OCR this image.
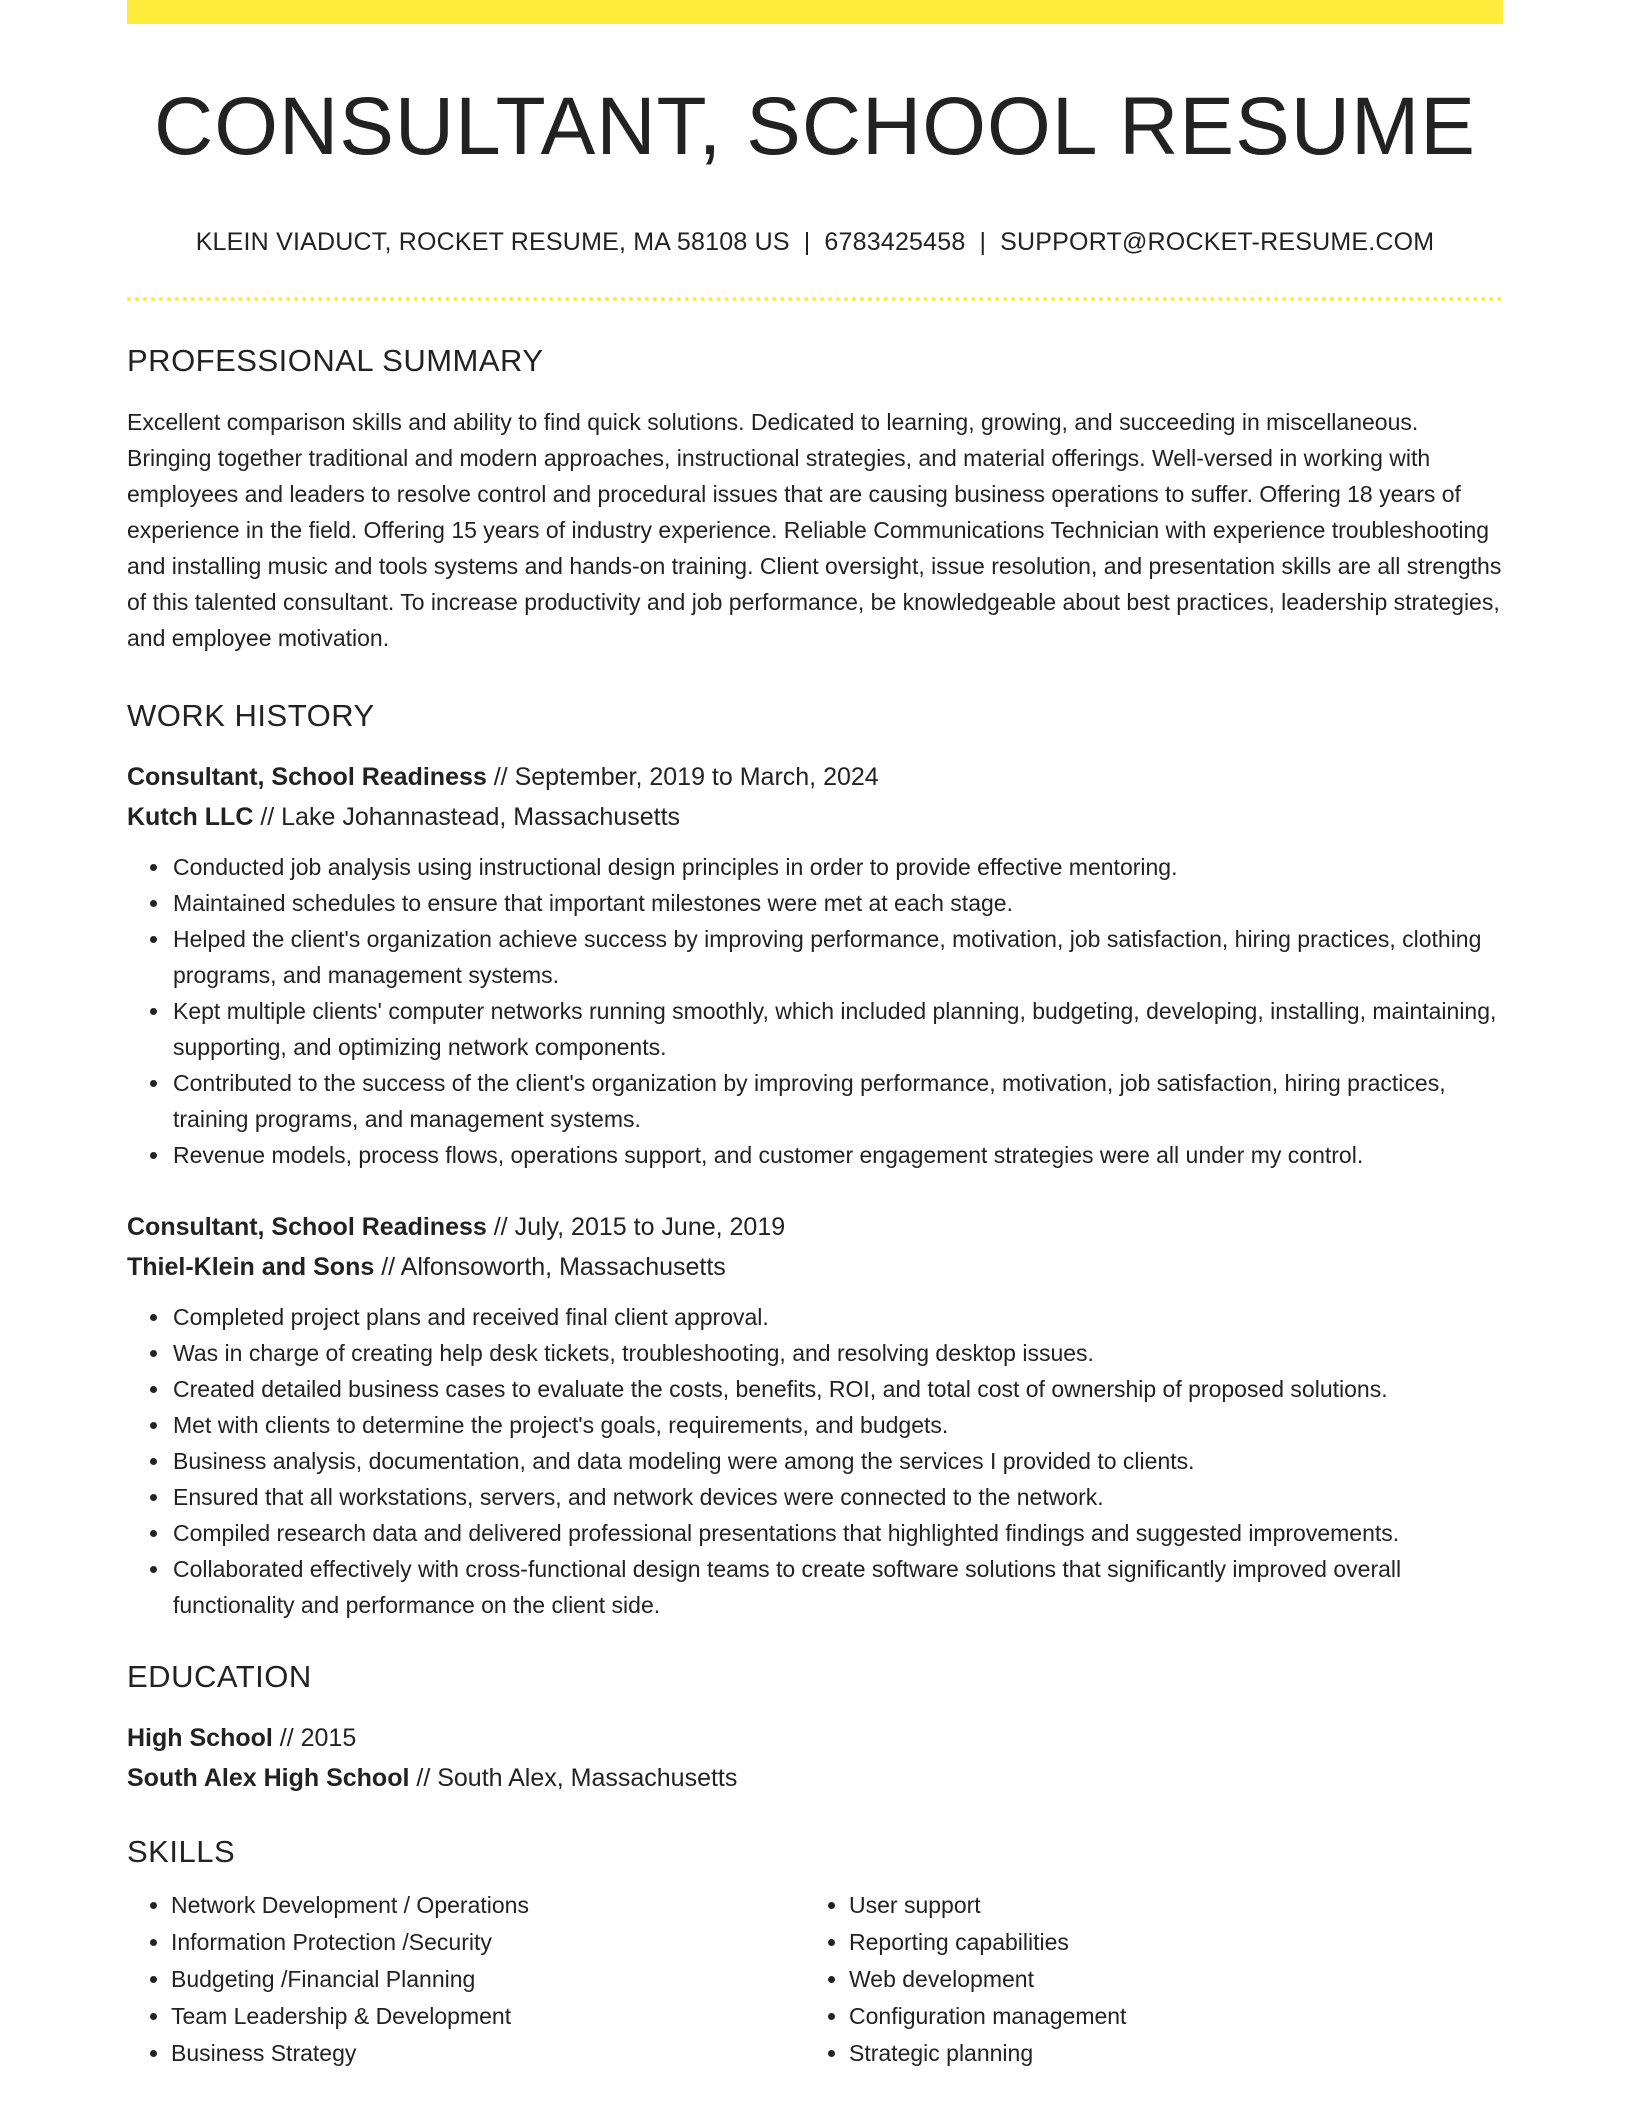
CONSULTANT, SCHOOL RESUME
KLEIN VIADUCT, ROCKET RESUME, MA 58108 US | 6783425458 | SUPPORT@ROCKET-RESUME.COM
PROFESSIONAL SUMMARY

Excellent comparison skills and ability to find quick solutions. Dedicated to learning, growing, and succeeding in miscellaneous. Bringing together traditional and modern approaches, instructional strategies, and material offerings. Well-versed in working with employees and leaders to resolve control and procedural issues that are causing business operations to suffer. Offering 18 years of experience in the field. Offering 15 years of industry experience. Reliable Communications Technician with experience troubleshooting and installing music and tools systems and hands-on training. Client oversight, issue resolution, and presentation skills are all strengths of this talented consultant. To increase productivity and job performance, be knowledgeable about best practices, leadership strategies, and employee motivation.

WORK HISTORY
Consultant, School Readiness // September, 2019 to March, 2024
Kutch LLC // Lake Johannastead, Massachusetts
• Conducted job analysis using instructional design principles in order to provide effective mentoring.
• Maintained schedules to ensure that important milestones were met at each stage.
• Helped the client's organization achieve success by improving performance, motivation, job satisfaction, hiring practices, clothing programs, and management systems.
• Kept multiple clients' computer networks running smoothly, which included planning, budgeting, developing, installing, maintaining, supporting, and optimizing network components.
• Contributed to the success of the client's organization by improving performance, motivation, job satisfaction, hiring practices, training programs, and management systems.
• Revenue models, process flows, operations support, and customer engagement strategies were all under my control.
Consultant, School Readiness // July, 2015 to June, 2019
Thiel-Klein and Sons // Alfonsoworth, Massachusetts
• Completed project plans and received final client approval.
• Was in charge of creating help desk tickets, troubleshooting, and resolving desktop issues.
• Created detailed business cases to evaluate the costs, benefits, ROI, and total cost of ownership of proposed solutions.
• Met with clients to determine the project's goals, requirements, and budgets.
• Business analysis, documentation, and data modeling were among the services I provided to clients.
• Ensured that all workstations, servers, and network devices were connected to the network.
• Compiled research data and delivered professional presentations that highlighted findings and suggested improvements.
• Collaborated effectively with cross-functional design teams to create software solutions that significantly improved overall functionality and performance on the client side.
EDUCATION
High School // 2015
South Alex High School // South Alex, Massachusetts
SKILLS
• Network Development / Operations
• Information Protection /Security
• Budgeting /Financial Planning
• Team Leadership & Development
• Business Strategy
• User support
• Reporting capabilities
• Web development
• Configuration management
• Strategic planning
